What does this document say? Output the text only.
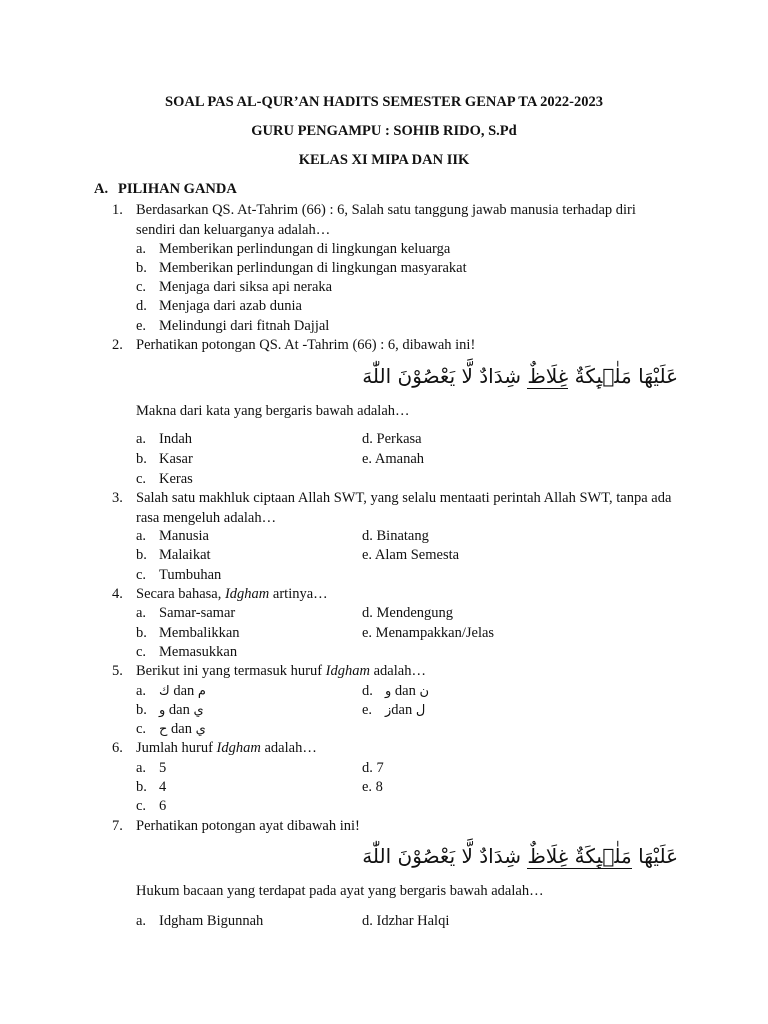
SOAL PAS AL-QUR’AN HADITS SEMESTER GENAP TA 2022-2023
GURU PENGAMPU : SOHIB RIDO, S.Pd
KELAS XI MIPA DAN IIK
A. PILIHAN GANDA
1. Berdasarkan QS. At-Tahrim (66) : 6, Salah satu tanggung jawab manusia terhadap diri sendiri dan keluarganya adalah…
a. Memberikan perlindungan di lingkungan keluarga
b. Memberikan perlindungan di lingkungan masyarakat
c. Menjaga dari siksa api neraka
d. Menjaga dari azab dunia
e. Melindungi dari fitnah Dajjal
2. Perhatikan potongan QS. At -Tahrim (66) : 6, dibawah ini!
عَلَيْهَا مَلٰۤىِٕكَةٌ غِلَاظٌ شِدَادٌ لَّا يَعْصُوْنَ اللّٰهَ
Makna dari kata yang bergaris bawah adalah…
a. Indah
b. Kasar
c. Keras
d. Perkasa
e. Amanah
3. Salah satu makhluk ciptaan Allah SWT, yang selalu mentaati perintah Allah SWT, tanpa ada rasa mengeluh adalah…
a. Manusia
b. Malaikat
c. Tumbuhan
d. Binatang
e. Alam Semesta
4. Secara bahasa, Idgham artinya…
a. Samar-samar
b. Membalikkan
c. Memasukkan
d. Mendengung
e. Menampakkan/Jelas
5. Berikut ini yang termasuk huruf Idgham adalah…
a. ك dan م
b. و dan ي
c. ح dan ي
d. و dan ن
e. ﺯdan ل
6. Jumlah huruf Idgham adalah…
a. 5
b. 4
c. 6
d. 7
e. 8
7. Perhatikan potongan ayat dibawah ini!
عَلَيْهَا مَلٰۤىِٕكَةٌ غِلَاظٌ شِدَادٌ لَّا يَعْصُوْنَ اللّٰهَ
Hukum bacaan yang terdapat pada ayat yang bergaris bawah adalah…
a. Idgham Bigunnah	d. Idzhar Halqi
